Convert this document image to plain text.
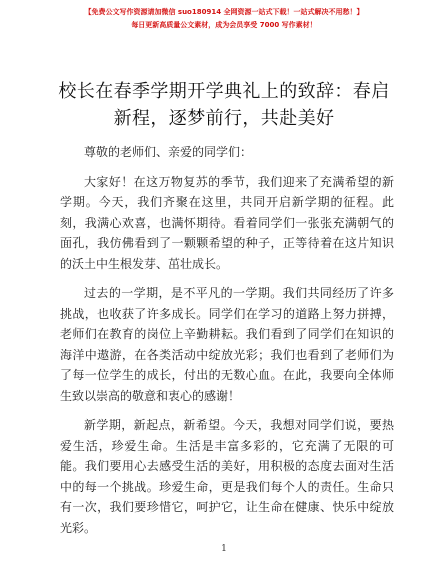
【免费公文写作资源请加微信 suo180914 全网资源一站式下载！一站式解决不用愁！】
每日更新高质量公文素材，成为会员享受 7000 写作素材！
校长在春季学期开学典礼上的致辞：春启新程，逐梦前行，共赴美好

尊敬的老师们、亲爱的同学们：

大家好！在这万物复苏的季节，我们迎来了充满希望的新学期。今天，我们齐聚在这里，共同开启新学期的征程。此刻，我满心欢喜，也满怀期待。看着同学们一张张充满朝气的面孔，我仿佛看到了一颗颗希望的种子，正等待着在这片知识的沃土中生根发芽、茁壮成长。

过去的一学期，是不平凡的一学期。我们共同经历了许多挑战，也收获了许多成长。同学们在学习的道路上努力拼搏，老师们在教育的岗位上辛勤耕耘。我们看到了同学们在知识的海洋中遨游，在各类活动中绽放光彩；我们也看到了老师们为了每一位学生的成长，付出的无数心血。在此，我要向全体师生致以崇高的敬意和衷心的感谢！

新学期，新起点，新希望。今天，我想对同学们说，要热爱生活，珍爱生命。生活是丰富多彩的，它充满了无限的可能。我们要用心去感受生活的美好，用积极的态度去面对生活中的每一个挑战。珍爱生命，更是我们每个人的责任。生命只有一次，我们要珍惜它，呵护它，让生命在健康、快乐中绽放光彩。

1
